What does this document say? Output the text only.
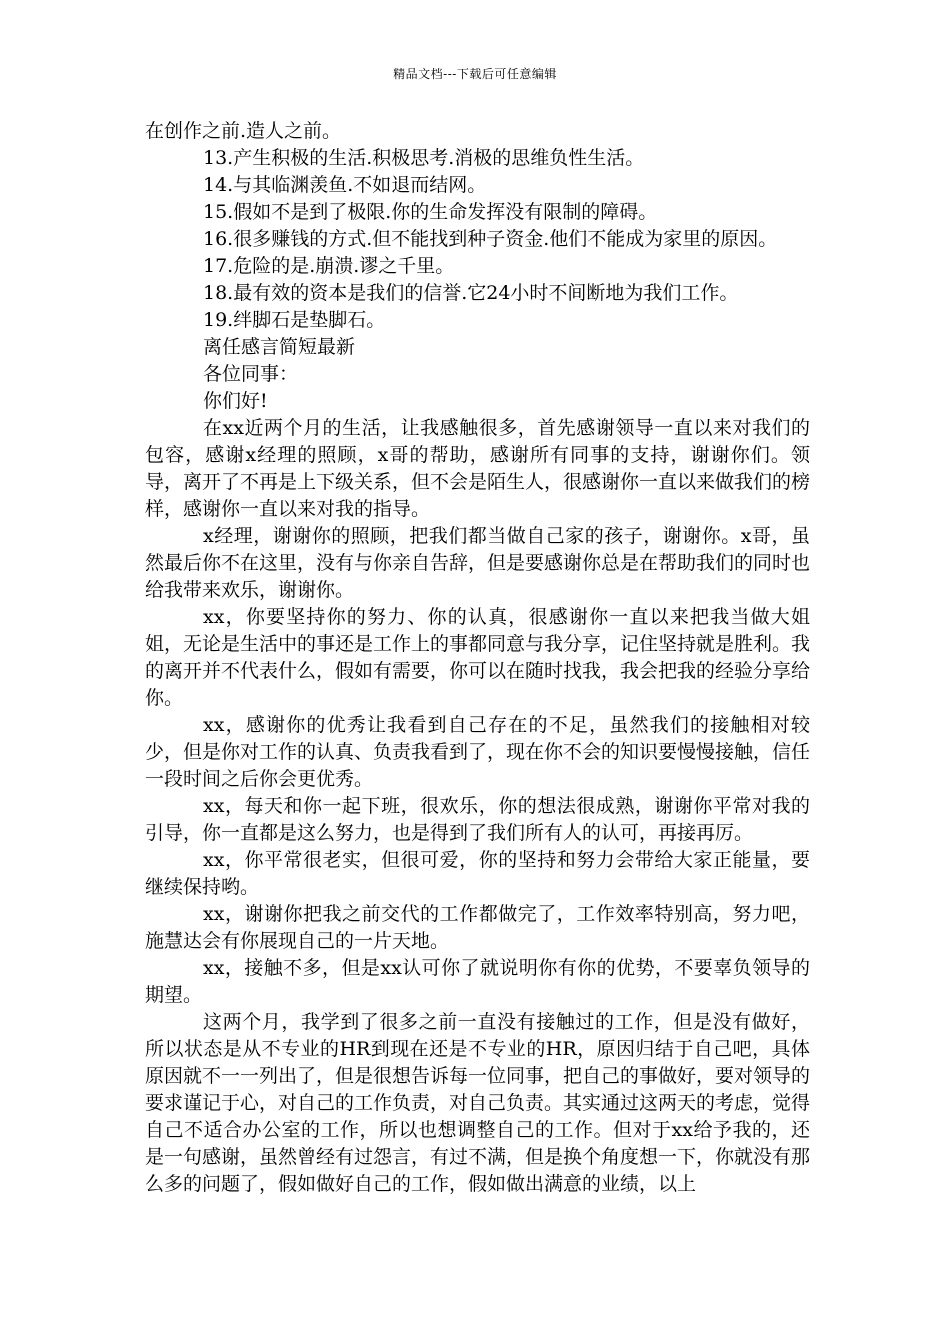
精品文档---下载后可任意编辑

在创作之前.造人之前。

13.产生积极的生活.积极思考.消极的思维负性生活。

14.与其临渊羡鱼.不如退而结网。

15.假如不是到了极限.你的生命发挥没有限制的障碍。

16.很多赚钱的方式.但不能找到种子资金.他们不能成为家里的原因。

17.危险的是.崩溃.谬之千里。

18.最有效的资本是我们的信誉.它24小时不间断地为我们工作。

19.绊脚石是垫脚石。

离任感言简短最新

各位同事：

你们好!

在xx近两个月的生活，让我感触很多，首先感谢领导一直以来对我们的包容，感谢x经理的照顾，x哥的帮助，感谢所有同事的支持，谢谢你们。领导，离开了不再是上下级关系，但不会是陌生人，很感谢你一直以来做我们的榜样，感谢你一直以来对我的指导。

x经理，谢谢你的照顾，把我们都当做自己家的孩子，谢谢你。x哥，虽然最后你不在这里，没有与你亲自告辞，但是要感谢你总是在帮助我们的同时也给我带来欢乐，谢谢你。

xx，你要坚持你的努力、你的认真，很感谢你一直以来把我当做大姐姐，无论是生活中的事还是工作上的事都同意与我分享，记住坚持就是胜利。我的离开并不代表什么，假如有需要，你可以在随时找我，我会把我的经验分享给你。

xx，感谢你的优秀让我看到自己存在的不足，虽然我们的接触相对较少，但是你对工作的认真、负责我看到了，现在你不会的知识要慢慢接触，信任一段时间之后你会更优秀。

xx，每天和你一起下班，很欢乐，你的想法很成熟，谢谢你平常对我的引导，你一直都是这么努力，也是得到了我们所有人的认可，再接再厉。

xx，你平常很老实，但很可爱，你的坚持和努力会带给大家正能量，要继续保持哟。

xx，谢谢你把我之前交代的工作都做完了，工作效率特别高，努力吧，施慧达会有你展现自己的一片天地。

xx，接触不多，但是xx认可你了就说明你有你的优势，不要辜负领导的期望。

这两个月，我学到了很多之前一直没有接触过的工作，但是没有做好，所以状态是从不专业的HR到现在还是不专业的HR，原因归结于自己吧，具体原因就不一一列出了，但是很想告诉每一位同事，把自己的事做好，要对领导的要求谨记于心，对自己的工作负责，对自己负责。其实通过这两天的考虑，觉得自己不适合办公室的工作，所以也想调整自己的工作。但对于xx给予我的，还是一句感谢，虽然曾经有过怨言，有过不满，但是换个角度想一下，你就没有那么多的问题了，假如做好自己的工作，假如做出满意的业绩，以上
